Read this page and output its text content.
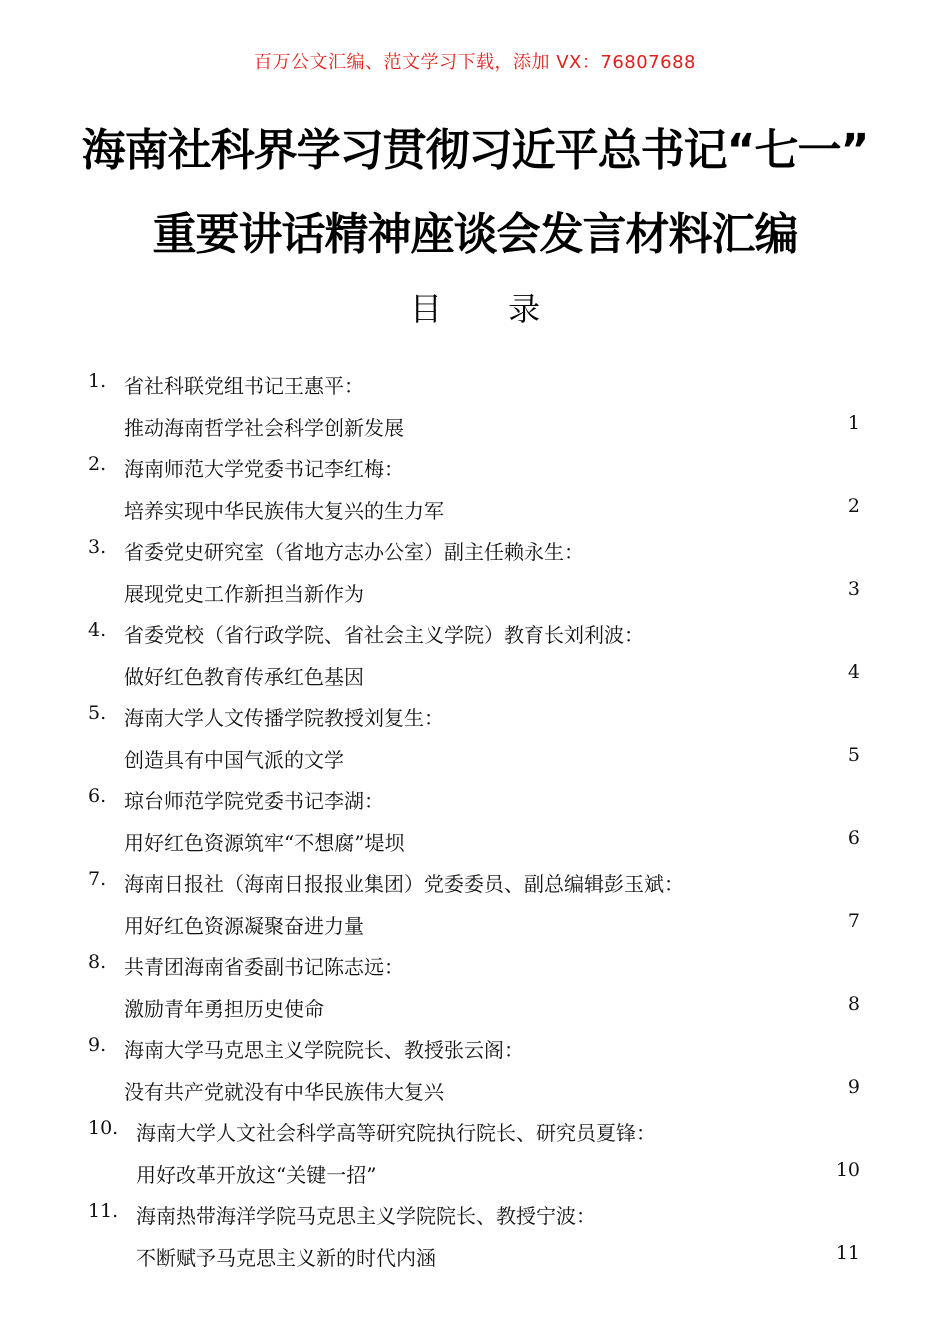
百万公文汇编、范文学习下载，添加 VX：76807688
海南社科界学习贯彻习近平总书记“七一”
重要讲话精神座谈会发言材料汇编
目 录
1. 省社科联党组书记王惠平：
推动海南哲学社会科学创新发展	1
2. 海南师范大学党委书记李红梅：
培养实现中华民族伟大复兴的生力军	2
3. 省委党史研究室（省地方志办公室）副主任赖永生：
展现党史工作新担当新作为	3
4. 省委党校（省行政学院、省社会主义学院）教育长刘利波：
做好红色教育传承红色基因	4
5. 海南大学人文传播学院教授刘复生：
创造具有中国气派的文学	5
6. 琼台师范学院党委书记李湖：
用好红色资源筑牢“不想腐”堤坝	6
7. 海南日报社（海南日报报业集团）党委委员、副总编辑彭玉斌：
用好红色资源凝聚奋进力量	7
8. 共青团海南省委副书记陈志远：
激励青年勇担历史使命	8
9. 海南大学马克思主义学院院长、教授张云阁：
没有共产党就没有中华民族伟大复兴	9
10. 海南大学人文社会科学高等研究院执行院长、研究员夏锋：
用好改革开放这“关键一招”	10
11. 海南热带海洋学院马克思主义学院院长、教授宁波：
不断赋予马克思主义新的时代内涵	11
